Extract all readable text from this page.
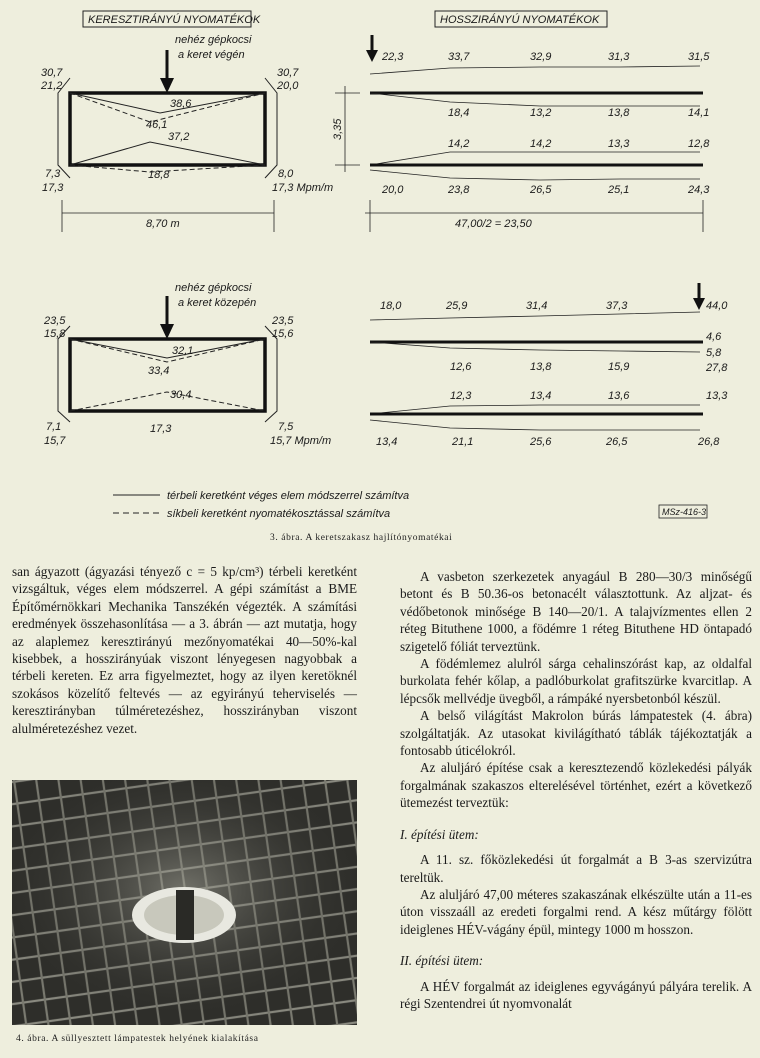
KERESZTIRÁNYÚ NYOMATÉKOK	HOSSZIRÁNYÚ NYOMATÉKOK
nehéz gépkocsi
a keret végén
30,7
21,2
30,7
20,0
38,6
46,1
37,2
18,8
7,3
17,3
8,0
17,3 Mpm/m
8,70 m
22,3	33,7	32,9	31,3	31,5
18,4	13,2	13,8	14,1
14,2	14,2	13,3	12,8
20,0	23,8	26,5	25,1	24,3
3,35
47,00/2 = 23,50
nehéz gépkocsi
a keret közepén
23,5
15,8
23,5
15,6
32,1
33,4
30,4
17,3
7,1
15,7
7,5
15,7 Mpm/m
18,0	25,9	31,4	37,3	44,0
4,6
5,8
12,6	13,8	15,9	27,8
12,3	13,4	13,6	13,3
13,4	21,1	25,6	26,5	26,8
térbeli keretként véges elem módszerrel számítva
síkbeli keretként nyomatékosztással számítva	MSz-416-3
3. ábra. A keretszakasz hajlítónyomatékai

san ágyazott (ágyazási tényező c = 5 kp/cm³) térbeli keretként vizsgáltuk, véges elem módszerrel. A gépi számítást a BME Építőmérnökkari Mechanika Tanszékén végezték. A számítási eredmények összehasonlítása — a 3. ábrán — azt mutatja, hogy az alaplemez keresztirányú mezőnyomatékai 40—50%-kal kisebbek, a hosszirányúak viszont lényegesen nagyobbak a térbeli kereten. Ez arra figyelmeztet, hogy az ilyen keretöknél szokásos közelítő feltevés — az egyirányú teherviselés — keresztirányban túlméretezéshez, hosszirányban viszont alulméretezéshez vezet.

4. ábra. A süllyesztett lámpatestek helyének kialakítása

A vasbeton szerkezetek anyagául B 280—30/3 minőségű betont és B 50.36-os betonacélt választottunk. Az aljzat- és védőbetonok minősége B 140—20/1. A talajvízmentes ellen 2 réteg Bituthene 1000, a födémre 1 réteg Bituthene HD öntapadó szigetelő fóliát terveztünk.

A födémlemez alulról sárga cehalinszórást kap, az oldalfal burkolata fehér kőlap, a padlóburkolat grafitszürke kvarcitlap. A lépcsők mellvédje üvegből, a rámpáké nyersbetonból készül.

A belső világítást Makrolon búrás lámpatestek (4. ábra) szolgáltatják. Az utasokat kivilágítható táblák tájékoztatják a fontosabb úticélokról.

Az aluljáró építése csak a keresztezendő közlekedési pályák forgalmának szakaszos elterelésével történhet, ezért a következő ütemezést terveztük:

I. építési ütem:

A 11. sz. főközlekedési út forgalmát a B 3-as szervizútra tereltük.

Az aluljáró 47,00 méteres szakaszának elkészülte után a 11-es úton visszaáll az eredeti forgalmi rend. A kész műtárgy fölött ideiglenes HÉV-vágány épül, mintegy 1000 m hosszon.

II. építési ütem:

A HÉV forgalmát az ideiglenes egyvágányú pályára terelik. A régi Szentendrei út nyomvonalát
